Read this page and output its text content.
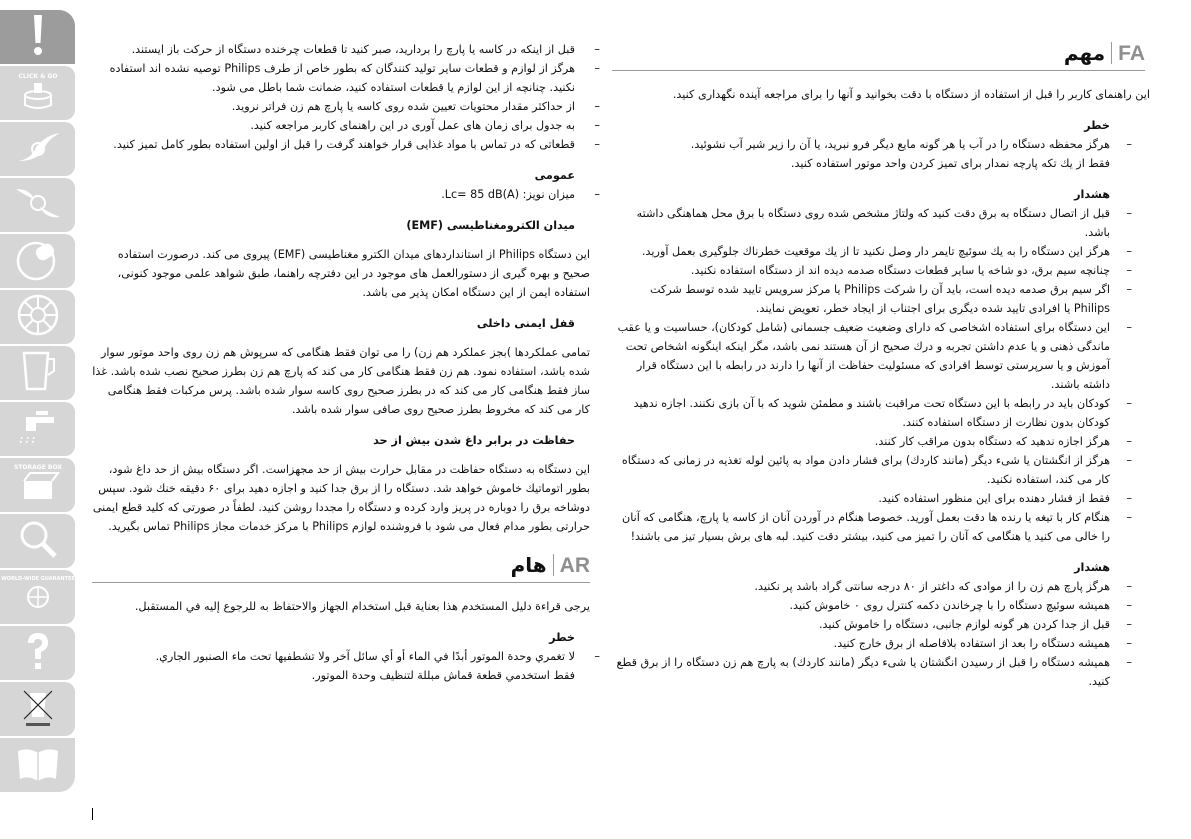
CLICK & GO
STORAGE BOX
WORLD-WIDE GUARANTEE
مهم FA
این راهنمای کاربر را قبل از استفاده از دستگاه با دقت بخوانید و آنها را برای مراجعه آینده نگهداری کنید.
خطر
– هرگز محفظه دستگاه را در آب یا هر گونه مایع دیگر فرو نبرید، یا آن را زیر شیر آب نشوئید.
فقط از يك تکه پارچه نمدار برای تمیز کردن واحد موتور استفاده کنید.
هشدار
– قبل از اتصال دستگاه به برق دقت کنید که ولتاژ مشخص شده روی دستگاه با برق محل هماهنگی داشته باشد.
– هرگز این دستگاه را به يك سوئیچ تایمر دار وصل نکنید تا از يك موقعیت خطرناك جلوگیری بعمل آورید.
– چنانچه سیم برق، دو شاخه یا سایر قطعات دستگاه صدمه دیده اند از دستگاه استفاده نکنید.
– اگر سیم برق صدمه دیده است، باید آن را شرکت Philips یا مرکز سرویس تایید شده توسط شرکت Philips یا افرادی تایید شده دیگری برای اجتناب از ایجاد خطر، تعویض نمایند.
– این دستگاه برای استفاده اشخاصی که دارای وضعیت ضعیف جسمانی (شامل کودکان)، حساسیت و یا عقب ماندگی ذهنی و یا عدم داشتن تجربه و درك صحیح از آن هستند نمی باشد، مگر اینکه اینگونه اشخاص تحت آموزش و یا سرپرستی توسط افرادی که مسئولیت حفاظت از آنها را دارند در رابطه با این دستگاه قرار داشته باشند.
– کودکان باید در رابطه با این دستگاه تحت مراقبت باشند و مطمئن شوید که با آن بازی نکنند. اجازه ندهید کودکان بدون نظارت از دستگاه استفاده کنند.
– هرگز اجازه ندهید که دستگاه بدون مراقب کار کنند.
– هرگز از انگشتان یا شیء دیگر (مانند کاردك) برای فشار دادن مواد به پائین لوله تغذیه در زمانی که دستگاه کار می کند، استفاده نکنید.
– فقط از فشار دهنده برای این منظور استفاده کنید.
– هنگام کار با تیغه یا رنده ها دقت بعمل آورید. خصوصا هنگام در آوردن آنان از کاسه یا پارچ، هنگامی که آنان را خالی می کنید یا هنگامی که آنان را تمیز می کنید، بیشتر دقت کنید. لبه های برش بسیار تیز می باشند!
هشدار
– هرگز پارچ هم زن را از موادی که داغتر از ۸۰ درجه سانتی گراد باشد پر نکنید.
– همیشه سوئیچ دستگاه را با چرخاندن دکمه کنترل روی ۰ خاموش کنید.
– قبل از جدا کردن هر گونه لوازم جانبی، دستگاه را خاموش کنید.
– همیشه دستگاه را بعد از استفاده بلافاصله از برق خارج کنید.
– همیشه دستگاه را قبل از رسیدن انگشتان یا شیء دیگر (مانند کاردك) به پارچ هم زن دستگاه را از برق قطع کنید.
– قبل از اینکه در کاسه یا پارچ را بردارید، صبر کنید تا قطعات چرخنده دستگاه از حرکت باز ایستند.
– هرگز از لوازم و قطعات سایر تولید کنندگان که بطور خاص از طرف Philips توصیه نشده اند استفاده نکنید. چنانچه از این لوازم یا قطعات استفاده کنید، ضمانت شما باطل می شود.
– از حداکثر مقدار محتویات تعیین شده روی کاسه یا پارچ هم زن فراتر نروید.
– به جدول برای زمان های عمل آوری در این راهنمای کاربر مراجعه کنید.
– قطعاتی که در تماس با مواد غذایی قرار خواهند گرفت را قبل از اولین استفاده بطور کامل تمیز کنید.
عمومی
– میزان نویز: Lc= 85 dB(A).
میدان الکترومغناطیسی (EMF)
این دستگاه Philips از استانداردهای میدان الکترو مغناطیسی (EMF) پیروی می کند. درصورت استفاده صحیح و بهره گیری از دستورالعمل های موجود در این دفترچه راهنما، طبق شواهد علمی موجود کنونی، استفاده ایمن از این دستگاه امکان پذیر می باشد.
قفل ایمنی داخلی
تمامی عملکردها )بجز عملکرد هم زن) را می توان فقط هنگامی که سرپوش هم زن روی واحد موتور سوار شده باشد، استفاده نمود. هم زن فقط هنگامی کار می کند که پارچ هم زن بطرز صحیح نصب شده باشد. غذا ساز فقط هنگامی کار می کند که در بطرز صحیح روی کاسه سوار شده باشد. پرس مرکبات فقط هنگامی کار می کند که مخروط بطرز صحیح روی صافی سوار شده باشد.
حفاظت در برابر داغ شدن بیش از حد
این دستگاه به دستگاه حفاظت در مقابل حرارت بیش از حد مجهزاست. اگر دستگاه بیش از حد داغ شود، بطور اتوماتیك خاموش خواهد شد. دستگاه را از برق جدا کنید و اجازه دهید برای ۶۰ دقیقه خنك شود. سپس دوشاخه برق را دوباره در پریز وارد کرده و دستگاه را مجددا روشن کنید. لطفاً در صورتی که کلید قطع ایمنی حرارتی بطور مدام فعال می شود با فروشنده لوازم Philips با مرکز خدمات مجاز Philips تماس بگیرید.
هام AR
يرجى قراءة دليل المستخدم هذا بعناية قبل استخدام الجهاز والاحتفاظ به للرجوع إليه في المستقبل.
خطر
– لا تغمري وحدة الموتور أبدًا في الماء أو أي سائل آخر ولا تشطفيها تحت ماء الصنبور الجاري.
فقط استخدمي قطعة قماش مبللة لتنظيف وحدة الموتور.
